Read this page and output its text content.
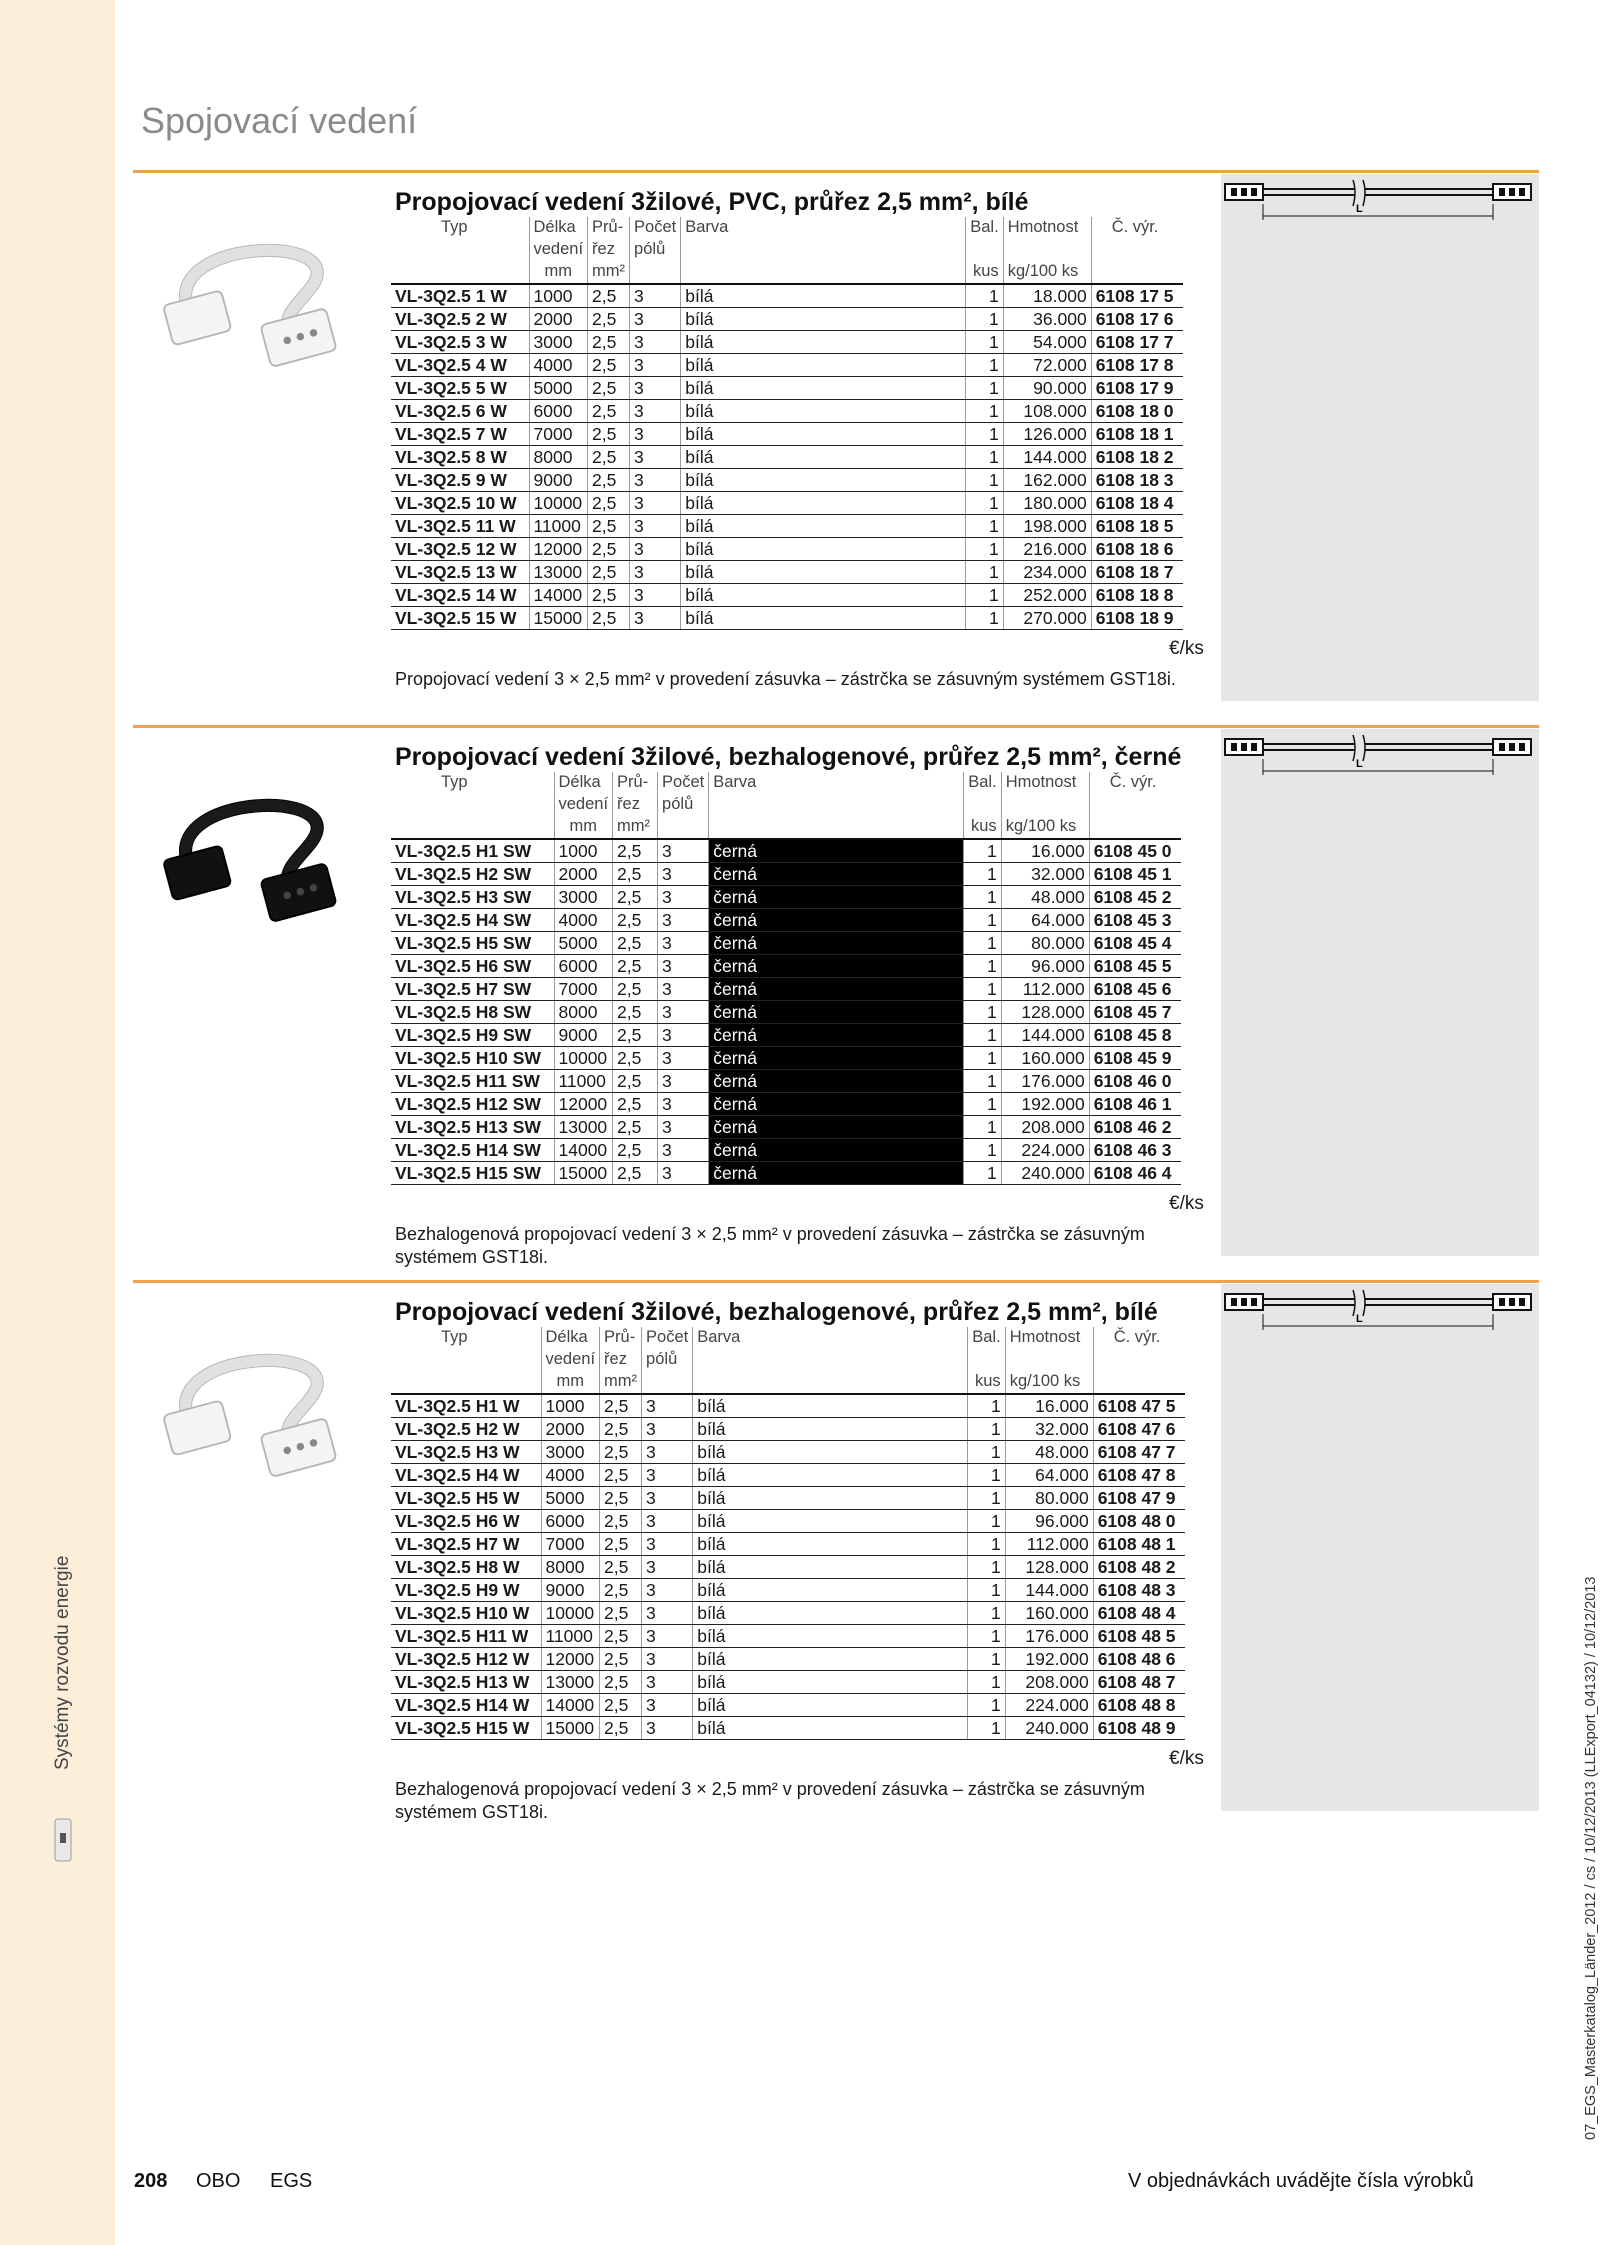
Spojovací vedení
Systémy rozvodu energie	07_EGS_Masterkatalog_Länder_2012 / cs / 10/12/2013 (LLExport_04132) / 10/12/2013
Propojovací vedení 3žilové, PVC, průřez 2,5 mm², bílé	L
Typ	Délka	Prů-	Počet	Barva	Bal.	Hmotnost	Č. výr.
	vedení	řez	pólů				
	mm	mm²			kus	kg/100 ks	
VL-3Q2.5 1 W	1000	2,5	3	bílá	1	18.000	6108 17 5
VL-3Q2.5 2 W	2000	2,5	3	bílá	1	36.000	6108 17 6
VL-3Q2.5 3 W	3000	2,5	3	bílá	1	54.000	6108 17 7
VL-3Q2.5 4 W	4000	2,5	3	bílá	1	72.000	6108 17 8
VL-3Q2.5 5 W	5000	2,5	3	bílá	1	90.000	6108 17 9
VL-3Q2.5 6 W	6000	2,5	3	bílá	1	108.000	6108 18 0
VL-3Q2.5 7 W	7000	2,5	3	bílá	1	126.000	6108 18 1
VL-3Q2.5 8 W	8000	2,5	3	bílá	1	144.000	6108 18 2
VL-3Q2.5 9 W	9000	2,5	3	bílá	1	162.000	6108 18 3
VL-3Q2.5 10 W	10000	2,5	3	bílá	1	180.000	6108 18 4
VL-3Q2.5 11 W	11000	2,5	3	bílá	1	198.000	6108 18 5
VL-3Q2.5 12 W	12000	2,5	3	bílá	1	216.000	6108 18 6
VL-3Q2.5 13 W	13000	2,5	3	bílá	1	234.000	6108 18 7
VL-3Q2.5 14 W	14000	2,5	3	bílá	1	252.000	6108 18 8
VL-3Q2.5 15 W	15000	2,5	3	bílá	1	270.000	6108 18 9
€/ks
Propojovací vedení 3 × 2,5 mm² v provedení zásuvka – zástrčka se zásuvným systémem GST18i.
Propojovací vedení 3žilové, bezhalogenové, průřez 2,5 mm², černé	L
Typ	Délka	Prů-	Počet	Barva	Bal.	Hmotnost	Č. výr.
	vedení	řez	pólů				
	mm	mm²			kus	kg/100 ks	
VL-3Q2.5 H1 SW	1000	2,5	3	černá	1	16.000	6108 45 0
VL-3Q2.5 H2 SW	2000	2,5	3	černá	1	32.000	6108 45 1
VL-3Q2.5 H3 SW	3000	2,5	3	černá	1	48.000	6108 45 2
VL-3Q2.5 H4 SW	4000	2,5	3	černá	1	64.000	6108 45 3
VL-3Q2.5 H5 SW	5000	2,5	3	černá	1	80.000	6108 45 4
VL-3Q2.5 H6 SW	6000	2,5	3	černá	1	96.000	6108 45 5
VL-3Q2.5 H7 SW	7000	2,5	3	černá	1	112.000	6108 45 6
VL-3Q2.5 H8 SW	8000	2,5	3	černá	1	128.000	6108 45 7
VL-3Q2.5 H9 SW	9000	2,5	3	černá	1	144.000	6108 45 8
VL-3Q2.5 H10 SW	10000	2,5	3	černá	1	160.000	6108 45 9
VL-3Q2.5 H11 SW	11000	2,5	3	černá	1	176.000	6108 46 0
VL-3Q2.5 H12 SW	12000	2,5	3	černá	1	192.000	6108 46 1
VL-3Q2.5 H13 SW	13000	2,5	3	černá	1	208.000	6108 46 2
VL-3Q2.5 H14 SW	14000	2,5	3	černá	1	224.000	6108 46 3
VL-3Q2.5 H15 SW	15000	2,5	3	černá	1	240.000	6108 46 4
€/ks
Bezhalogenová propojovací vedení 3 × 2,5 mm² v provedení zásuvka – zástrčka se zásuvným systémem GST18i.
Propojovací vedení 3žilové, bezhalogenové, průřez 2,5 mm², bílé	L
Typ	Délka	Prů-	Počet	Barva	Bal.	Hmotnost	Č. výr.
	vedení	řez	pólů				
	mm	mm²			kus	kg/100 ks	
VL-3Q2.5 H1 W	1000	2,5	3	bílá	1	16.000	6108 47 5
VL-3Q2.5 H2 W	2000	2,5	3	bílá	1	32.000	6108 47 6
VL-3Q2.5 H3 W	3000	2,5	3	bílá	1	48.000	6108 47 7
VL-3Q2.5 H4 W	4000	2,5	3	bílá	1	64.000	6108 47 8
VL-3Q2.5 H5 W	5000	2,5	3	bílá	1	80.000	6108 47 9
VL-3Q2.5 H6 W	6000	2,5	3	bílá	1	96.000	6108 48 0
VL-3Q2.5 H7 W	7000	2,5	3	bílá	1	112.000	6108 48 1
VL-3Q2.5 H8 W	8000	2,5	3	bílá	1	128.000	6108 48 2
VL-3Q2.5 H9 W	9000	2,5	3	bílá	1	144.000	6108 48 3
VL-3Q2.5 H10 W	10000	2,5	3	bílá	1	160.000	6108 48 4
VL-3Q2.5 H11 W	11000	2,5	3	bílá	1	176.000	6108 48 5
VL-3Q2.5 H12 W	12000	2,5	3	bílá	1	192.000	6108 48 6
VL-3Q2.5 H13 W	13000	2,5	3	bílá	1	208.000	6108 48 7
VL-3Q2.5 H14 W	14000	2,5	3	bílá	1	224.000	6108 48 8
VL-3Q2.5 H15 W	15000	2,5	3	bílá	1	240.000	6108 48 9
€/ks
Bezhalogenová propojovací vedení 3 × 2,5 mm² v provedení zásuvka – zástrčka se zásuvným systémem GST18i.
208 OBO EGS	V objednávkách uvádějte čísla výrobků
